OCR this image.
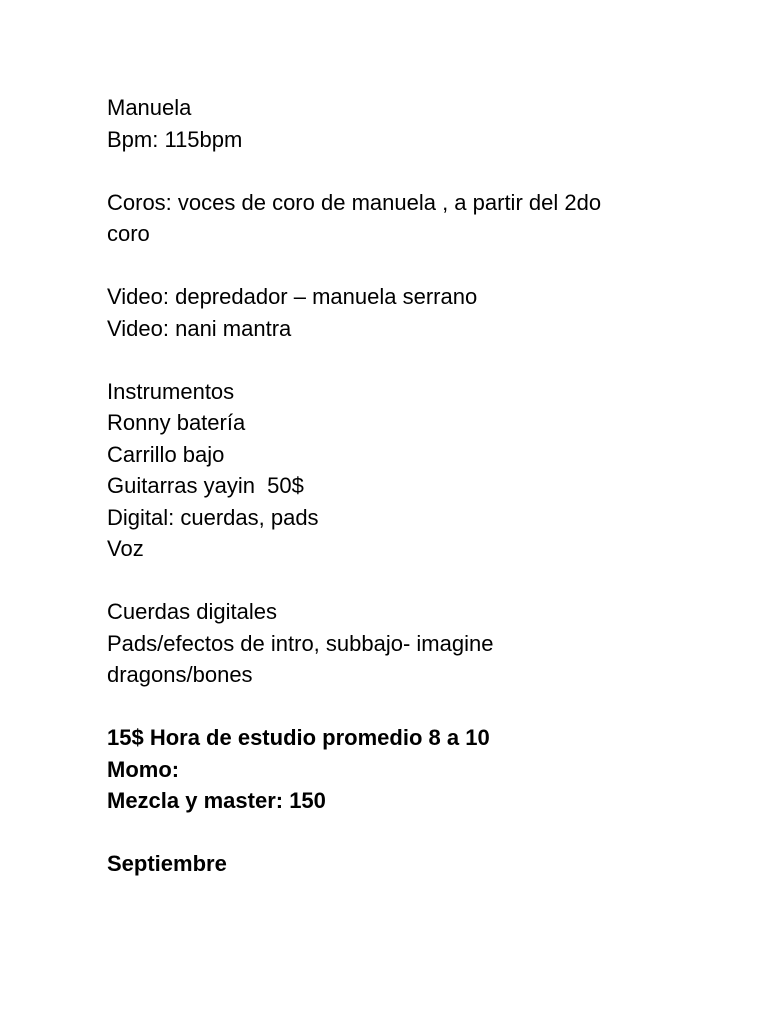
Manuela
Bpm: 115bpm
Coros: voces de coro de manuela , a partir del 2do
coro
Video: depredador – manuela serrano
Video: nani mantra
Instrumentos
Ronny batería
Carrillo bajo
Guitarras yayin  50$
Digital: cuerdas, pads
Voz
Cuerdas digitales
Pads/efectos de intro, subbajo- imagine
dragons/bones
15$ Hora de estudio promedio 8 a 10
Momo:
Mezcla y master: 150
Septiembre
